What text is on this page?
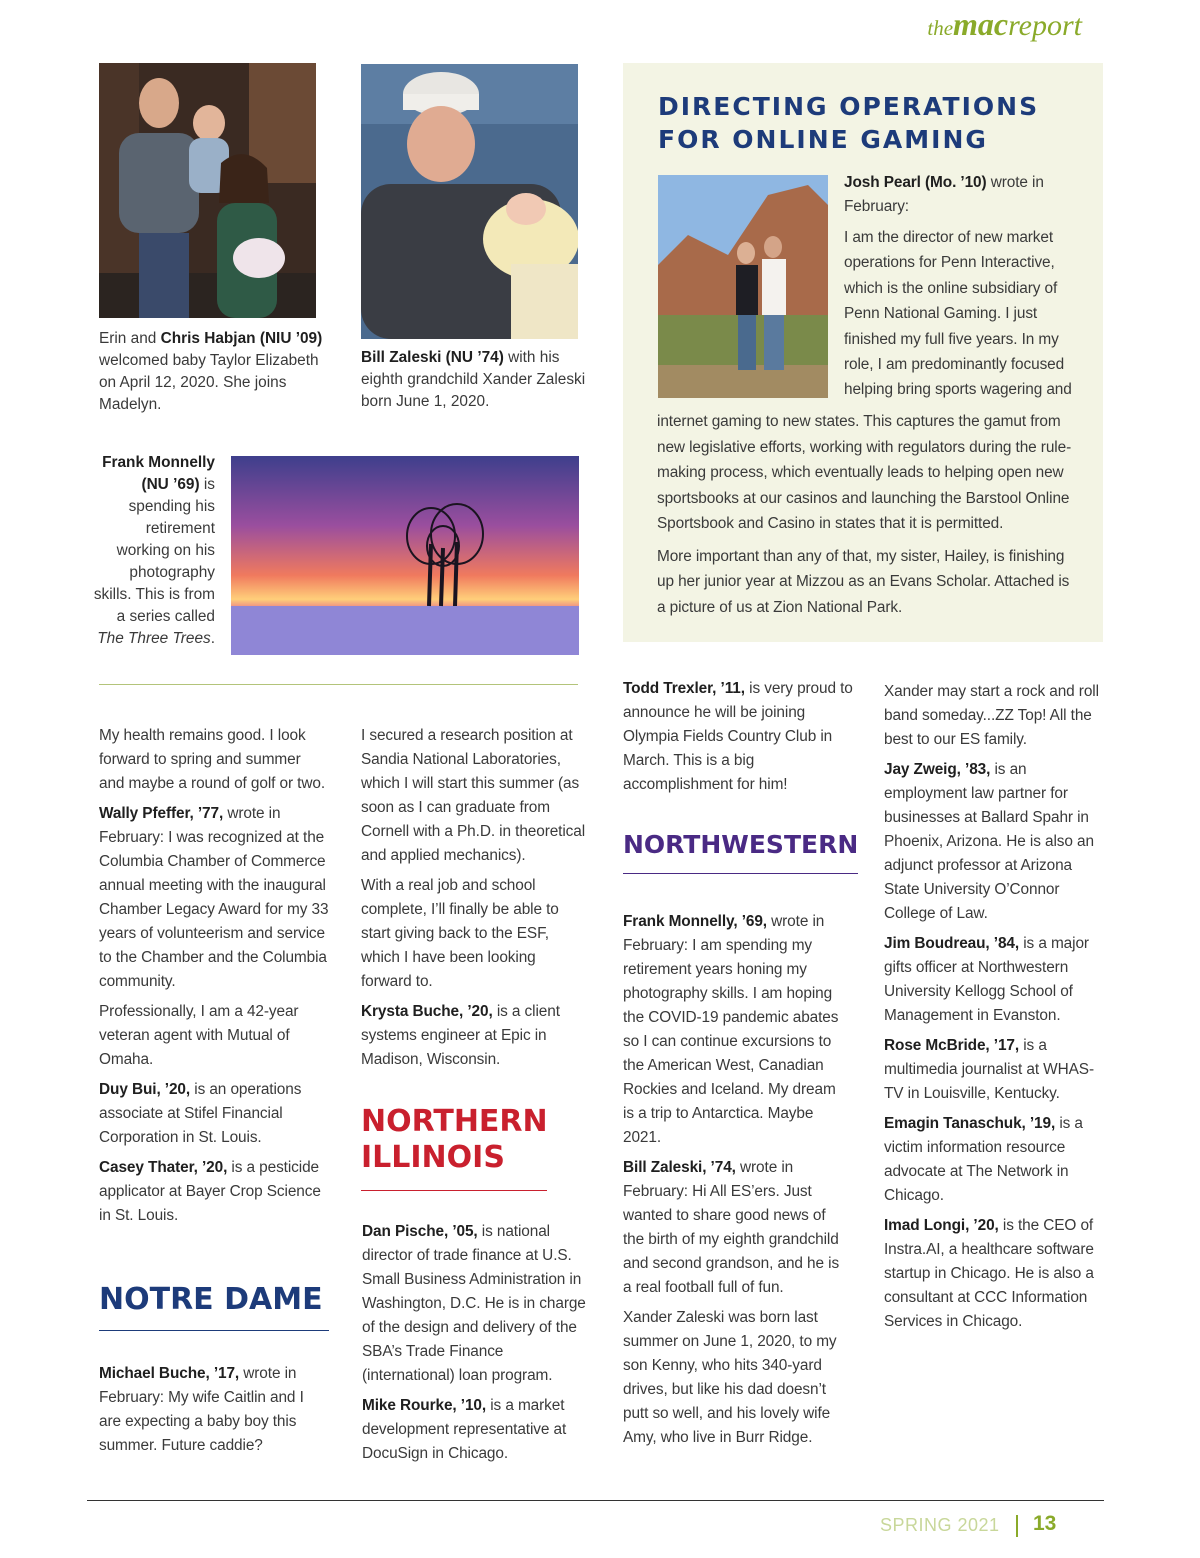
themacreport
Erin and Chris Habjan (NIU ’09) welcomed baby Taylor Elizabeth on April 12, 2020. She joins Madelyn.
Bill Zaleski (NU ’74) with his eighth grandchild Xander Zaleski born June 1, 2020.
Frank Monnelly (NU ’69) is spending his retirement working on his photography skills. This is from a series called The Three Trees.
DIRECTING OPERATIONS FOR ONLINE GAMING

Josh Pearl (Mo. ’10) wrote in February:

I am the director of new market operations for Penn Interactive, which is the online subsidiary of Penn National Gaming. I just finished my full five years. In my role, I am predominantly focused helping bring sports wagering and

internet gaming to new states. This captures the gamut from new legislative efforts, working with regulators during the rule-making process, which eventually leads to helping open new sportsbooks at our casinos and launching the Barstool Online Sportsbook and Casino in states that it is permitted.

More important than any of that, my sister, Hailey, is finishing up her junior year at Mizzou as an Evans Scholar. Attached is a picture of us at Zion National Park.

My health remains good. I look forward to spring and summer and maybe a round of golf or two.

Wally Pfeffer, ’77, wrote in February: I was recognized at the Columbia Chamber of Commerce annual meeting with the inaugural Chamber Legacy Award for my 33 years of volunteerism and service to the Chamber and the Columbia community.

Professionally, I am a 42-year veteran agent with Mutual of Omaha.

Duy Bui, ’20, is an operations associate at Stifel Financial Corporation in St. Louis.

Casey Thater, ’20, is a pesticide applicator at Bayer Crop Science in St. Louis.

NOTRE DAME

Michael Buche, ’17, wrote in February: My wife Caitlin and I are expecting a baby boy this summer. Future caddie?

I secured a research position at Sandia National Laboratories, which I will start this summer (as soon as I can graduate from Cornell with a Ph.D. in theoretical and applied mechanics).

With a real job and school complete, I’ll finally be able to start giving back to the ESF, which I have been looking forward to.

Krysta Buche, ’20, is a client systems engineer at Epic in Madison, Wisconsin.

NORTHERN
ILLINOIS

Dan Pische, ’05, is national director of trade finance at U.S. Small Business Administration in Washington, D.C. He is in charge of the design and delivery of the SBA’s Trade Finance (international) loan program.

Mike Rourke, ’10, is a market development representative at DocuSign in Chicago.

Todd Trexler, ’11, is very proud to announce he will be joining Olympia Fields Country Club in March. This is a big accomplishment for him!

NORTHWESTERN

Frank Monnelly, ’69, wrote in February: I am spending my retirement years honing my photography skills. I am hoping the COVID-19 pandemic abates so I can continue excursions to the American West, Canadian Rockies and Iceland. My dream is a trip to Antarctica. Maybe 2021.

Bill Zaleski, ’74, wrote in February: Hi All ES’ers. Just wanted to share good news of the birth of my eighth grandchild and second grandson, and he is a real football full of fun.

Xander Zaleski was born last summer on June 1, 2020, to my son Kenny, who hits 340-yard drives, but like his dad doesn’t putt so well, and his lovely wife Amy, who live in Burr Ridge.

Xander may start a rock and roll band someday...ZZ Top! All the best to our ES family.

Jay Zweig, ’83, is an employment law partner for businesses at Ballard Spahr in Phoenix, Arizona. He is also an adjunct professor at Arizona State University O’Connor College of Law.

Jim Boudreau, ’84, is a major gifts officer at Northwestern University Kellogg School of Management in Evanston.

Rose McBride, ’17, is a multimedia journalist at WHAS-TV in Louisville, Kentucky.

Emagin Tanaschuk, ’19, is a victim information resource advocate at The Network in Chicago.

Imad Longi, ’20, is the CEO of Instra.AI, a healthcare software startup in Chicago. He is also a consultant at CCC Information Services in Chicago.

SPRING 2021 13
